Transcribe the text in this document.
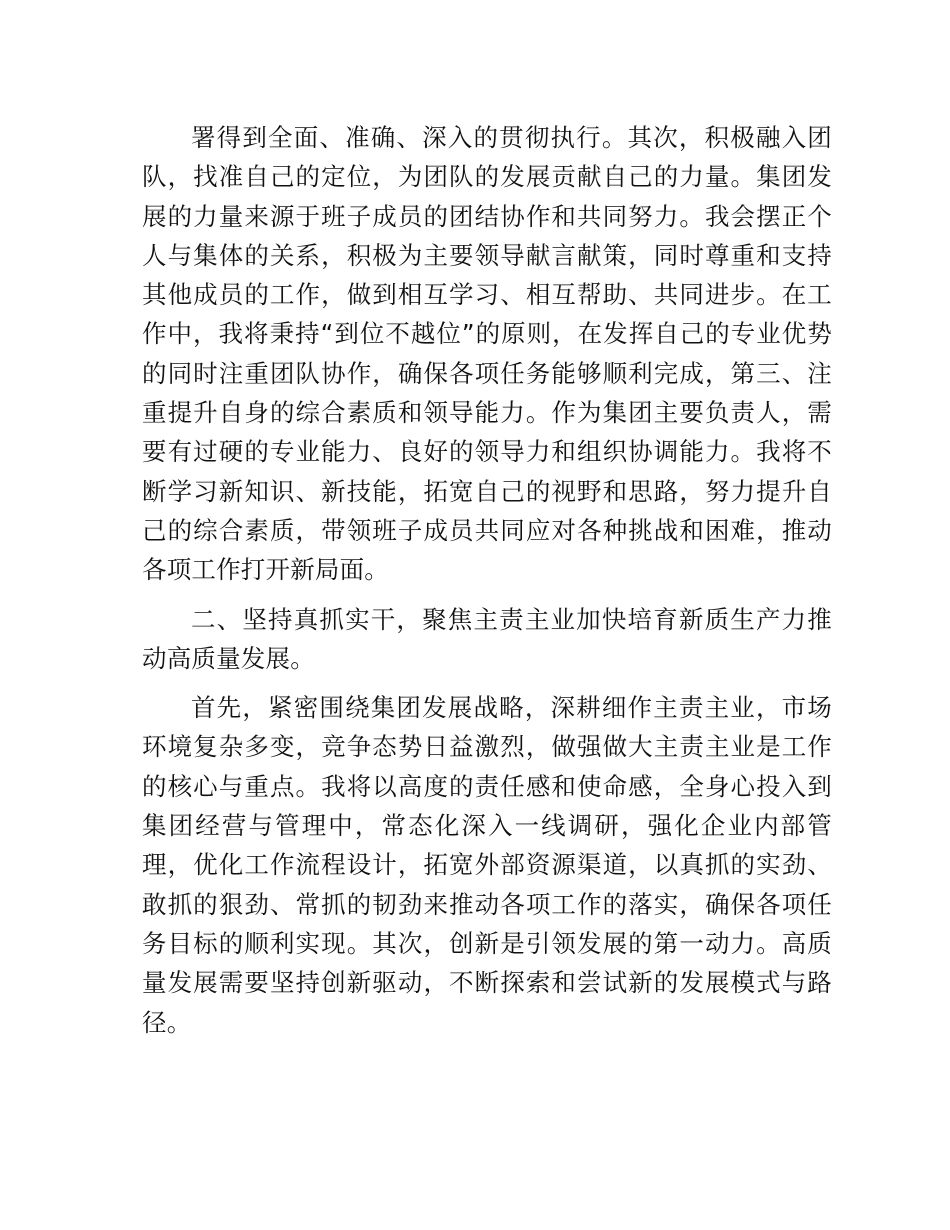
署得到全面、准确、深入的贯彻执行。其次，积极融入团队，找准自己的定位，为团队的发展贡献自己的力量。集团发展的力量来源于班子成员的团结协作和共同努力。我会摆正个人与集体的关系，积极为主要领导献言献策，同时尊重和支持其他成员的工作，做到相互学习、相互帮助、共同进步。在工作中，我将秉持“到位不越位”的原则，在发挥自己的专业优势的同时注重团队协作，确保各项任务能够顺利完成，第三、注重提升自身的综合素质和领导能力。作为集团主要负责人，需要有过硬的专业能力、良好的领导力和组织协调能力。我将不断学习新知识、新技能，拓宽自己的视野和思路，努力提升自己的综合素质，带领班子成员共同应对各种挑战和困难，推动各项工作打开新局面。

二、坚持真抓实干，聚焦主责主业加快培育新质生产力推动高质量发展。

首先，紧密围绕集团发展战略，深耕细作主责主业，市场环境复杂多变，竞争态势日益激烈，做强做大主责主业是工作的核心与重点。我将以高度的责任感和使命感，全身心投入到集团经营与管理中，常态化深入一线调研，强化企业内部管理，优化工作流程设计，拓宽外部资源渠道，以真抓的实劲、敢抓的狠劲、常抓的韧劲来推动各项工作的落实，确保各项任务目标的顺利实现。其次，创新是引领发展的第一动力。高质量发展需要坚持创新驱动，不断探索和尝试新的发展模式与路径。
